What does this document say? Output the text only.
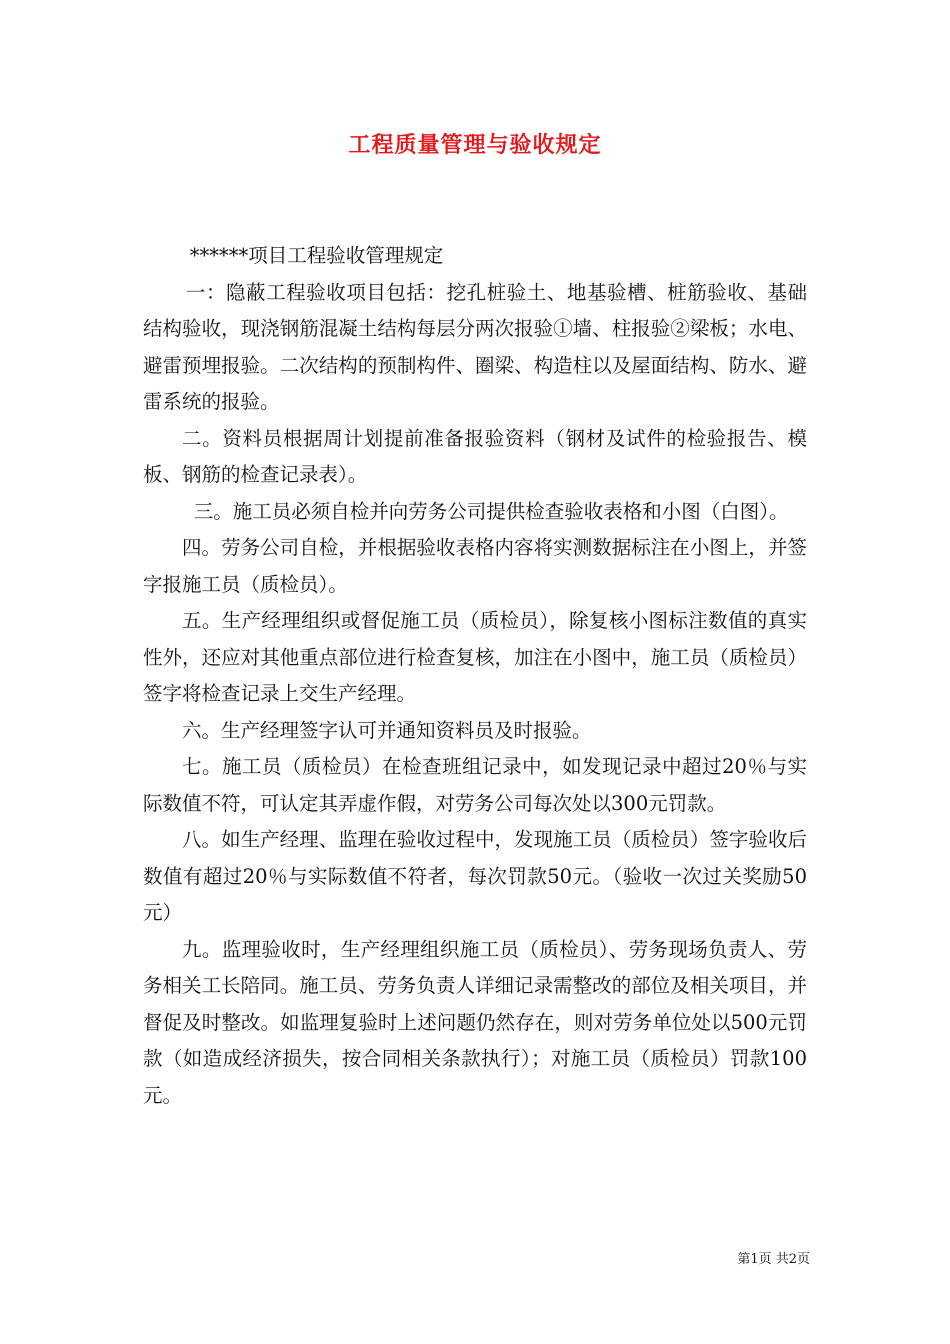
工程质量管理与验收规定

******项目工程验收管理规定

一：隐蔽工程验收项目包括：挖孔桩验土、地基验槽、桩筋验收、基础结构验收，现浇钢筋混凝土结构每层分两次报验①墙、柱报验②梁板；水电、避雷预埋报验。二次结构的预制构件、圈梁、构造柱以及屋面结构、防水、避雷系统的报验。

二。资料员根据周计划提前准备报验资料（钢材及试件的检验报告、模板、钢筋的检查记录表）。

三。施工员必须自检并向劳务公司提供检查验收表格和小图（白图）。

四。劳务公司自检，并根据验收表格内容将实测数据标注在小图上，并签字报施工员（质检员）。

五。生产经理组织或督促施工员（质检员），除复核小图标注数值的真实性外，还应对其他重点部位进行检查复核，加注在小图中，施工员（质检员）签字将检查记录上交生产经理。

六。生产经理签字认可并通知资料员及时报验。

七。施工员（质检员）在检查班组记录中，如发现记录中超过20％与实际数值不符，可认定其弄虚作假，对劳务公司每次处以300元罚款。

八。如生产经理、监理在验收过程中，发现施工员（质检员）签字验收后数值有超过20％与实际数值不符者，每次罚款50元。（验收一次过关奖励50元）

九。监理验收时，生产经理组织施工员（质检员）、劳务现场负责人、劳务相关工长陪同。施工员、劳务负责人详细记录需整改的部位及相关项目，并督促及时整改。如监理复验时上述问题仍然存在，则对劳务单位处以500元罚款（如造成经济损失，按合同相关条款执行）；对施工员（质检员）罚款100元。

第1页 共2页
